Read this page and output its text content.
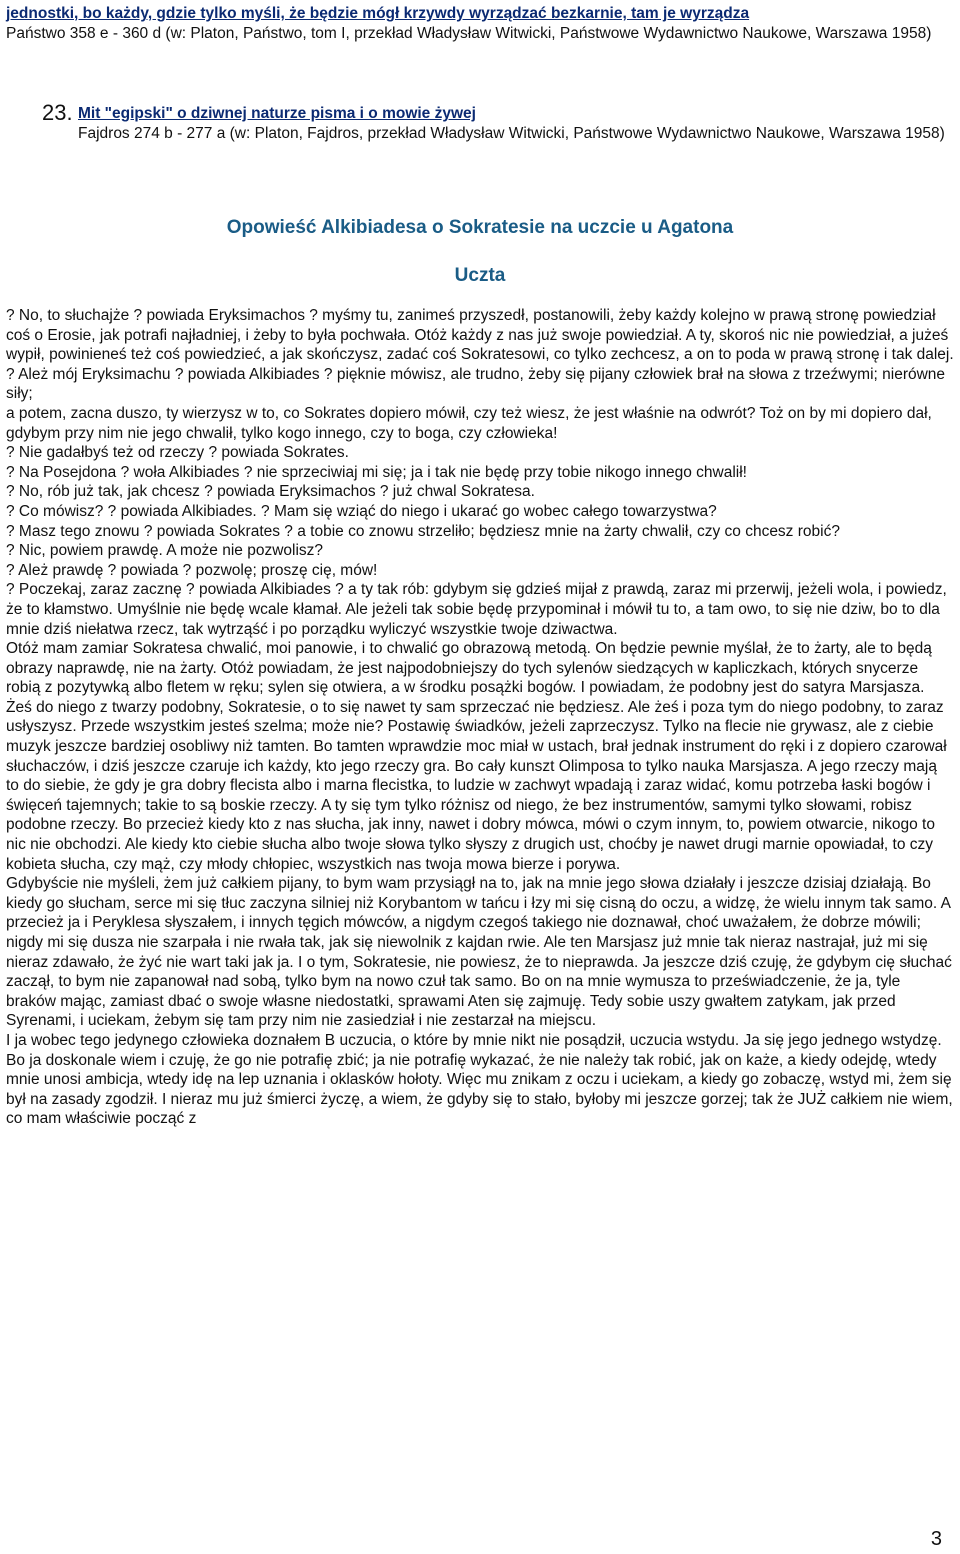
jednostki, bo każdy, gdzie tylko myśli, że będzie mógł krzywdy wyrządzać bezkarnie, tam je wyrządza

Państwo 358 e - 360 d (w: Platon, Państwo, tom I, przekład Władysław Witwicki, Państwowe Wydawnictwo Naukowe, Warszawa 1958)

23. Mit "egipski" o dziwnej naturze pisma i o mowie żywej

Fajdros 274 b - 277 a (w: Platon, Fajdros, przekład Władysław Witwicki, Państwowe Wydawnictwo Naukowe, Warszawa 1958)

Opowieść Alkibiadesa o Sokratesie na uczcie u Agatona
Uczta

? No, to słuchajże ? powiada Eryksimachos ? myśmy tu, zanimeś przyszedł, postanowili, żeby każdy kolejno w prawą stronę powiedział coś o Erosie, jak potrafi najładniej, i żeby to była pochwała. Otóż każdy z nas już swoje powiedział. A ty, skoroś nic nie powiedział, a jużeś wypił, powinieneś też coś powiedzieć, a jak skończysz, zadać coś Sokratesowi, co tylko zechcesz, a on to poda w prawą stronę i tak dalej.

? Ależ mój Eryksimachu ? powiada Alkibiades ? pięknie mówisz, ale trudno, żeby się pijany człowiek brał na słowa z trzeźwymi; nierówne siły;

a potem, zacna duszo, ty wierzysz w to, co Sokrates dopiero mówił, czy też wiesz, że jest właśnie na odwrót? Toż on by mi dopiero dał, gdybym przy nim nie jego chwalił, tylko kogo innego, czy to boga, czy człowieka!

? Nie gadałbyś też od rzeczy ? powiada Sokrates.

? Na Posejdona ? woła Alkibiades ? nie sprzeciwiaj mi się; ja i tak nie będę przy tobie nikogo innego chwalił!

? No, rób już tak, jak chcesz ? powiada Eryksimachos ? już chwal Sokratesa.

? Co mówisz? ? powiada Alkibiades. ? Mam się wziąć do niego i ukarać go wobec całego towarzystwa?

? Masz tego znowu ? powiada Sokrates ? a tobie co znowu strzeliło; będziesz mnie na żarty chwalił, czy co chcesz robić?

? Nic, powiem prawdę. A może nie pozwolisz?

? Ależ prawdę ? powiada ? pozwolę; proszę cię, mów!

? Poczekaj, zaraz zacznę ? powiada Alkibiades ? a ty tak rób: gdybym się gdzieś mijał z prawdą, zaraz mi przerwij, jeżeli wola, i powiedz, że to kłamstwo. Umyślnie nie będę wcale kłamał. Ale jeżeli tak sobie będę przypominał i mówił tu to, a tam owo, to się nie dziw, bo to dla mnie dziś niełatwa rzecz, tak wytrząść i po porządku wyliczyć wszystkie twoje dziwactwa.

Otóż mam zamiar Sokratesa chwalić, moi panowie, i to chwalić go obrazową metodą. On będzie pewnie myślał, że to żarty, ale to będą obrazy naprawdę, nie na żarty. Otóż powiadam, że jest najpodobniejszy do tych sylenów siedzących w kapliczkach, których snycerze robią z pozytywką albo fletem w ręku; sylen się otwiera, a w środku posążki bogów. I powiadam, że podobny jest do satyra Marsjasza. Żeś do niego z twarzy podobny, Sokratesie, o to się nawet ty sam sprzeczać nie będziesz. Ale żeś i poza tym do niego podobny, to zaraz usłyszysz. Przede wszystkim jesteś szelma; może nie? Postawię świadków, jeżeli zaprzeczysz. Tylko na flecie nie grywasz, ale z ciebie muzyk jeszcze bardziej osobliwy niż tamten. Bo tamten wprawdzie moc miał w ustach, brał jednak instrument do ręki i z dopiero czarował słuchaczów, i dziś jeszcze czaruje ich każdy, kto jego rzeczy gra. Bo cały kunszt Olimposa to tylko nauka Marsjasza. A jego rzeczy mają to do siebie, że gdy je gra dobry flecista albo i marna flecistka, to ludzie w zachwyt wpadają i zaraz widać, komu potrzeba łaski bogów i święceń tajemnych; takie to są boskie rzeczy. A ty się tym tylko różnisz od niego, że bez instrumentów, samymi tylko słowami, robisz podobne rzeczy. Bo przecież kiedy kto z nas słucha, jak inny, nawet i dobry mówca, mówi o czym innym, to, powiem otwarcie, nikogo to nic nie obchodzi. Ale kiedy kto ciebie słucha albo twoje słowa tylko słyszy z drugich ust, choćby je nawet drugi marnie opowiadał, to czy kobieta słucha, czy mąż, czy młody chłopiec, wszystkich nas twoja mowa bierze i porywa.

Gdybyście nie myśleli, żem już całkiem pijany, to bym wam przysiągł na to, jak na mnie jego słowa działały i jeszcze dzisiaj działają. Bo kiedy go słucham, serce mi się tłuc zaczyna silniej niż Korybantom w tańcu i łzy mi się cisną do oczu, a widzę, że wielu innym tak samo. A przecież ja i Peryklesa słyszałem, i innych tęgich mówców, a nigdym czegoś takiego nie doznawał, choć uważałem, że dobrze mówili; nigdy mi się dusza nie szarpała i nie rwała tak, jak się niewolnik z kajdan rwie. Ale ten Marsjasz już mnie tak nieraz nastrajał, już mi się nieraz zdawało, że żyć nie wart taki jak ja. I o tym, Sokratesie, nie powiesz, że to nieprawda. Ja jeszcze dziś czuję, że gdybym cię słuchać zaczął, to bym nie zapanował nad sobą, tylko bym na nowo czuł tak samo. Bo on na mnie wymusza to przeświadczenie, że ja, tyle braków mając, zamiast dbać o swoje własne niedostatki, sprawami Aten się zajmuję. Tedy sobie uszy gwałtem zatykam, jak przed Syrenami, i uciekam, żebym się tam przy nim nie zasiedział i nie zestarzał na miejscu.

I ja wobec tego jedynego człowieka doznałem B uczucia, o które by mnie nikt nie posądził, uczucia wstydu. Ja się jego jednego wstydzę.

Bo ja doskonale wiem i czuję, że go nie potrafię zbić; ja nie potrafię wykazać, że nie należy tak robić, jak on każe, a kiedy odejdę, wtedy mnie unosi ambicja, wtedy idę na lep uznania i oklasków hołoty. Więc mu znikam z oczu i uciekam, a kiedy go zobaczę, wstyd mi, żem się był na zasady zgodził. I nieraz mu już śmierci życzę, a wiem, że gdyby się to stało, byłoby mi jeszcze gorzej; tak że JUŻ całkiem nie wiem, co mam właściwie począć z

3
